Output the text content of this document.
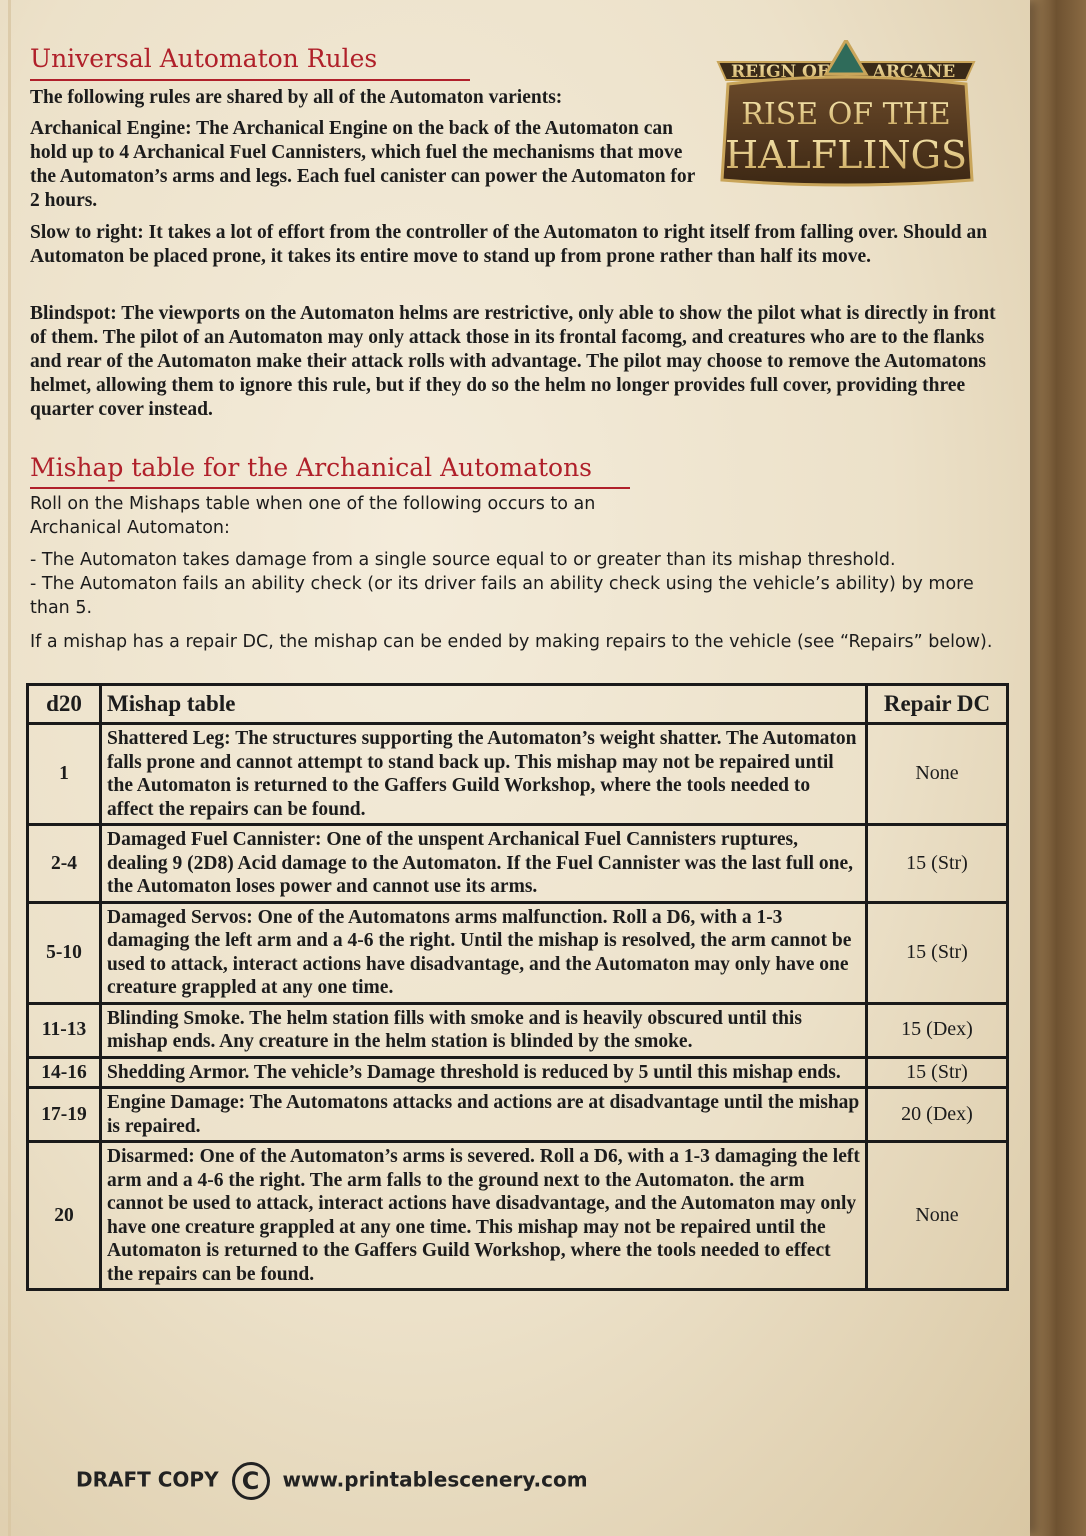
Universal Automaton Rules	REIGN OF	ARCANE
RISE OF THE
HALFLINGS
The following rules are shared by all of the Automaton varients:
Archanical Engine: The Archanical Engine on the back of the Automaton can hold up to 4 Archanical Fuel Cannisters, which fuel the mechanisms that move the Automaton’s arms and legs. Each fuel canister can power the Automaton for 2 hours.
Slow to right: It takes a lot of effort from the controller of the Automaton to right itself from falling over. Should an Automaton be placed prone, it takes its entire move to stand up from prone rather than half its move.
Blindspot: The viewports on the Automaton helms are restrictive, only able to show the pilot what is directly in front of them. The pilot of an Automaton may only attack those in its frontal facomg, and creatures who are to the flanks and rear of the Automaton make their attack rolls with advantage. The pilot may choose to remove the Automatons helmet, allowing them to ignore this rule, but if they do so the helm no longer provides full cover, providing three quarter cover instead.
Mishap table for the Archanical Automatons
Roll on the Mishaps table when one of the following occurs to an Archanical Automaton:
- The Automaton takes damage from a single source equal to or greater than its mishap threshold.
- The Automaton fails an ability check (or its driver fails an ability check using the vehicle’s ability) by more than 5.
If a mishap has a repair DC, the mishap can be ended by making repairs to the vehicle (see “Repairs” below).
d20	Mishap table	Repair DC
1	Shattered Leg: The structures supporting the Automaton’s weight shatter. The Automaton falls prone and cannot attempt to stand back up. This mishap may not be repaired until the Automaton is returned to the Gaffers Guild Workshop, where the tools needed to affect the repairs can be found.	None
2-4	Damaged Fuel Cannister: One of the unspent Archanical Fuel Cannisters ruptures, dealing 9 (2D8) Acid damage to the Automaton. If the Fuel Cannister was the last full one, the Automaton loses power and cannot use its arms.	15 (Str)
5-10	Damaged Servos: One of the Automatons arms malfunction. Roll a D6, with a 1-3 damaging the left arm and a 4-6 the right. Until the mishap is resolved, the arm cannot be used to attack, interact actions have disadvantage, and the Automaton may only have one creature grappled at any one time.	15 (Str)
11-13	Blinding Smoke. The helm station fills with smoke and is heavily obscured until this mishap ends. Any creature in the helm station is blinded by the smoke.	15 (Dex)
14-16	Shedding Armor. The vehicle’s Damage threshold is reduced by 5 until this mishap ends.	15 (Str)
17-19	Engine Damage: The Automatons attacks and actions are at disadvantage until the mishap is repaired.	20 (Dex)
20	Disarmed: One of the Automaton’s arms is severed. Roll a D6, with a 1-3 damaging the left arm and a 4-6 the right. The arm falls to the ground next to the Automaton. the arm cannot be used to attack, interact actions have disadvantage, and the Automaton may only have one creature grappled at any one time. This mishap may not be repaired until the Automaton is returned to the Gaffers Guild Workshop, where the tools needed to effect the repairs can be found.	None
DRAFT COPY C www.printablescenery.com
